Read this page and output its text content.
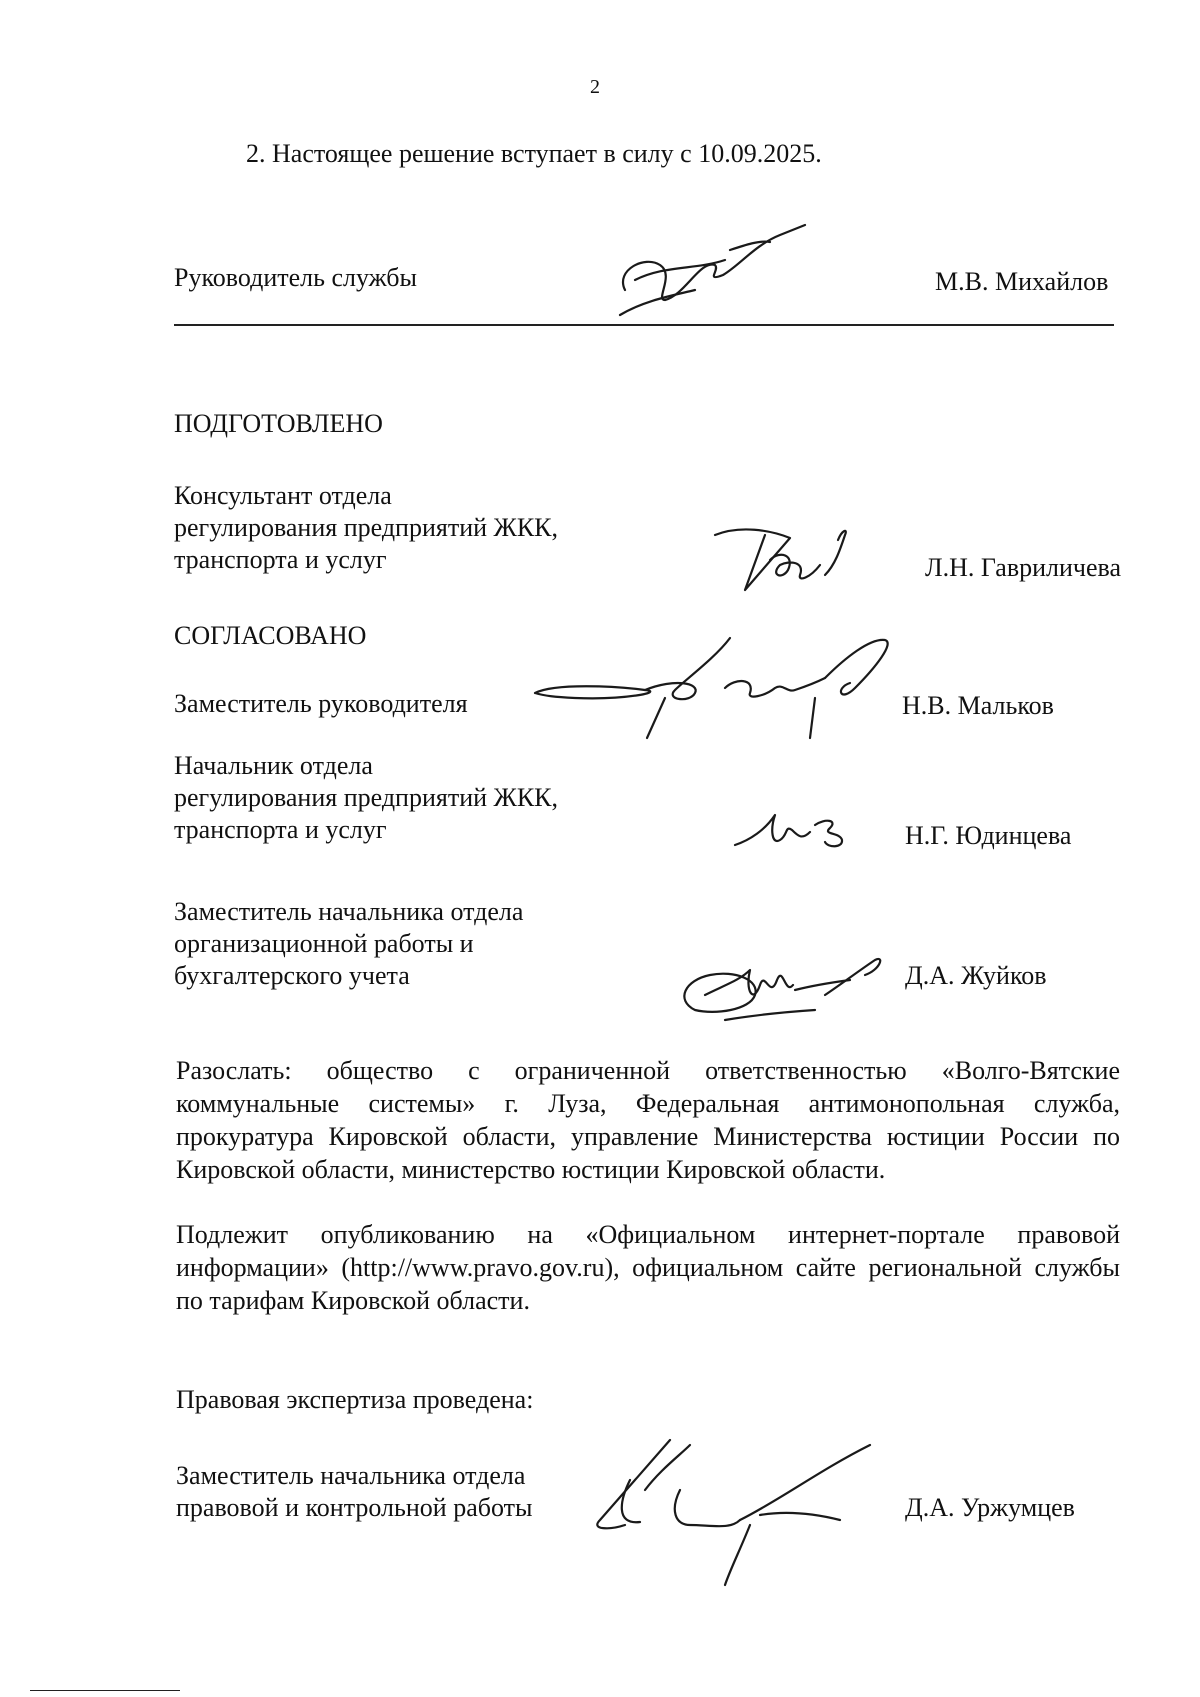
2
2. Настоящее решение вступает в силу с 10.09.2025.
Руководитель службы	М.В. Михайлов
ПОДГОТОВЛЕНО
Консультант отдела
регулирования предприятий ЖКК,
транспорта и услуг	Л.Н. Гавриличева
СОГЛАСОВАНО
Заместитель руководителя	Н.В. Мальков
Начальник отдела
регулирования предприятий ЖКК,
транспорта и услуг	Н.Г. Юдинцева
Заместитель начальника отдела
организационной работы и
бухгалтерского учета	Д.А. Жуйков
Разослать: общество с ограниченной ответственностью «Волго-Вятские коммунальные системы» г. Луза, Федеральная антимонопольная служба, прокуратура Кировской области, управление Министерства юстиции России по Кировской области, министерство юстиции Кировской области.
Подлежит опубликованию на «Официальном интернет-портале правовой информации» (http://www.pravo.gov.ru), официальном сайте региональной службы по тарифам Кировской области.
Правовая экспертиза проведена:
Заместитель начальника отдела
правовой и контрольной работы	Д.А. Уржумцев
